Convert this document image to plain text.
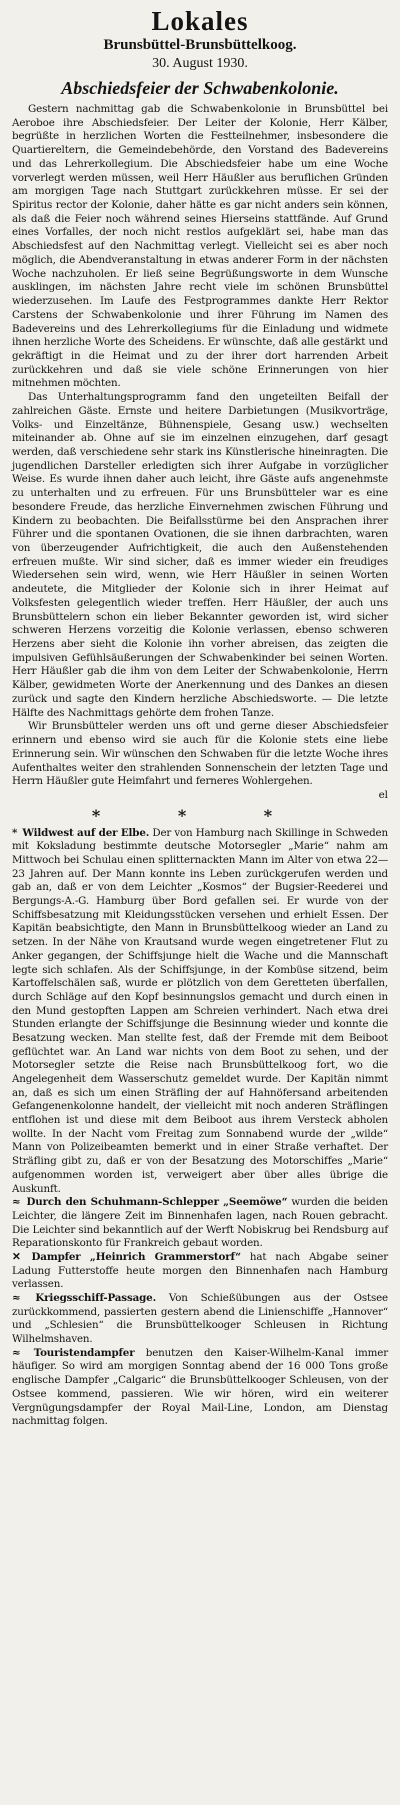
Lokales
Brunsbüttel-Brunsbüttelkoog.
30. August 1930.
Abschiedsfeier der Schwabenkolonie.

Gestern nachmittag gab die Schwabenkolonie in Brunsbüttel bei Aeroboe ihre Abschiedsfeier. Der Leiter der Kolonie, Herr Kälber, begrüßte in herzlichen Worten die Festteilnehmer, insbesondere die Quartiereltern, die Gemeindebehörde, den Vorstand des Badevereins und das Lehrerkollegium. Die Abschiedsfeier habe um eine Woche vorverlegt werden müssen, weil Herr Häußler aus beruflichen Gründen am morgigen Tage nach Stuttgart zurückkehren müsse. Er sei der Spiritus rector der Kolonie, daher hätte es gar nicht anders sein können, als daß die Feier noch während seines Hierseins stattfände. Auf Grund eines Vorfalles, der noch nicht restlos aufgeklärt sei, habe man das Abschiedsfest auf den Nachmittag verlegt. Vielleicht sei es aber noch möglich, die Abendveranstaltung in etwas anderer Form in der nächsten Woche nachzuholen. Er ließ seine Begrüßungsworte in dem Wunsche ausklingen, im nächsten Jahre recht viele im schönen Brunsbüttel wiederzusehen. Im Laufe des Festprogrammes dankte Herr Rektor Carstens der Schwabenkolonie und ihrer Führung im Namen des Badevereins und des Lehrerkollegiums für die Einladung und widmete ihnen herzliche Worte des Scheidens. Er wünschte, daß alle gestärkt und gekräftigt in die Heimat und zu der ihrer dort harrenden Arbeit zurückkehren und daß sie viele schöne Erinnerungen von hier mitnehmen möchten.

Das Unterhaltungsprogramm fand den ungeteilten Beifall der zahlreichen Gäste. Ernste und heitere Darbietungen (Musikvorträge, Volks- und Einzeltänze, Bühnenspiele, Gesang usw.) wechselten miteinander ab. Ohne auf sie im einzelnen einzugehen, darf gesagt werden, daß verschiedene sehr stark ins Künstlerische hineinragten. Die jugendlichen Darsteller erledigten sich ihrer Aufgabe in vorzüglicher Weise. Es wurde ihnen daher auch leicht, ihre Gäste aufs angenehmste zu unterhalten und zu erfreuen. Für uns Brunsbütteler war es eine besondere Freude, das herzliche Einvernehmen zwischen Führung und Kindern zu beobachten. Die Beifallsstürme bei den Ansprachen ihrer Führer und die spontanen Ovationen, die sie ihnen darbrachten, waren von überzeugender Aufrichtigkeit, die auch den Außenstehenden erfreuen mußte. Wir sind sicher, daß es immer wieder ein freudiges Wiedersehen sein wird, wenn, wie Herr Häußler in seinen Worten andeutete, die Mitglieder der Kolonie sich in ihrer Heimat auf Volksfesten gelegentlich wieder treffen. Herr Häußler, der auch uns Brunsbüttelern schon ein lieber Bekannter geworden ist, wird sicher schweren Herzens vorzeitig die Kolonie verlassen, ebenso schweren Herzens aber sieht die Kolonie ihn vorher abreisen, das zeigten die impulsiven Gefühlsäußerungen der Schwabenkinder bei seinen Worten. Herr Häußler gab die ihm von dem Leiter der Schwabenkolonie, Herrn Kälber, gewidmeten Worte der Anerkennung und des Dankes an diesen zurück und sagte den Kindern herzliche Abschiedsworte. — Die letzte Hälfte des Nachmittags gehörte dem frohen Tanze.

Wir Brunsbütteler werden uns oft und gerne dieser Abschiedsfeier erinnern und ebenso wird sie auch für die Kolonie stets eine liebe Erinnerung sein. Wir wünschen den Schwaben für die letzte Woche ihres Aufenthaltes weiter den strahlenden Sonnenschein der letzten Tage und Herrn Häußler gute Heimfahrt und ferneres Wohlergehen.

el
* * *

* Wildwest auf der Elbe. Der von Hamburg nach Skillinge in Schweden mit Koksladung bestimmte deutsche Motorsegler „Marie“ nahm am Mittwoch bei Schulau einen splitternackten Mann im Alter von etwa 22—23 Jahren auf. Der Mann konnte ins Leben zurückgerufen werden und gab an, daß er von dem Leichter „Kosmos“ der Bugsier-Reederei und Bergungs-A.-G. Hamburg über Bord gefallen sei. Er wurde von der Schiffsbesatzung mit Kleidungsstücken versehen und erhielt Essen. Der Kapitän beabsichtigte, den Mann in Brunsbüttelkoog wieder an Land zu setzen. In der Nähe von Krautsand wurde wegen eingetretener Flut zu Anker gegangen, der Schiffsjunge hielt die Wache und die Mannschaft legte sich schlafen. Als der Schiffsjunge, in der Kombüse sitzend, beim Kartoffelschälen saß, wurde er plötzlich von dem Geretteten überfallen, durch Schläge auf den Kopf besinnungslos gemacht und durch einen in den Mund gestopften Lappen am Schreien verhindert. Nach etwa drei Stunden erlangte der Schiffsjunge die Besinnung wieder und konnte die Besatzung wecken. Man stellte fest, daß der Fremde mit dem Beiboot geflüchtet war. An Land war nichts von dem Boot zu sehen, und der Motorsegler setzte die Reise nach Brunsbüttelkoog fort, wo die Angelegenheit dem Wasserschutz gemeldet wurde. Der Kapitän nimmt an, daß es sich um einen Sträfling der auf Hahnöfersand arbeitenden Gefangenenkolonne handelt, der vielleicht mit noch anderen Sträflingen entflohen ist und diese mit dem Beiboot aus ihrem Versteck abholen wollte. In der Nacht vom Freitag zum Sonnabend wurde der „wilde“ Mann von Polizeibeamten bemerkt und in einer Straße verhaftet. Der Sträfling gibt zu, daß er von der Besatzung des Motorschiffes „Marie“ aufgenommen worden ist, verweigert aber über alles übrige die Auskunft.

≈ Durch den Schuhmann-Schlepper „Seemöwe“ wurden die beiden Leichter, die längere Zeit im Binnenhafen lagen, nach Rouen gebracht. Die Leichter sind bekanntlich auf der Werft Nobiskrug bei Rendsburg auf Reparationskonto für Frankreich gebaut worden.

✕ Dampfer „Heinrich Grammerstorf“ hat nach Abgabe seiner Ladung Futterstoffe heute morgen den Binnenhafen nach Hamburg verlassen.

≈ Kriegsschiff-Passage. Von Schießübungen aus der Ostsee zurückkommend, passierten gestern abend die Linienschiffe „Hannover“ und „Schlesien“ die Brunsbüttelkooger Schleusen in Richtung Wilhelmshaven.

≈ Touristendampfer benutzen den Kaiser-Wilhelm-Kanal immer häufiger. So wird am morgigen Sonntag abend der 16 000 Tons große englische Dampfer „Calgaric“ die Brunsbüttelkooger Schleusen, von der Ostsee kommend, passieren. Wie wir hören, wird ein weiterer Vergnügungsdampfer der Royal Mail-Line, London, am Dienstag nachmittag folgen.
